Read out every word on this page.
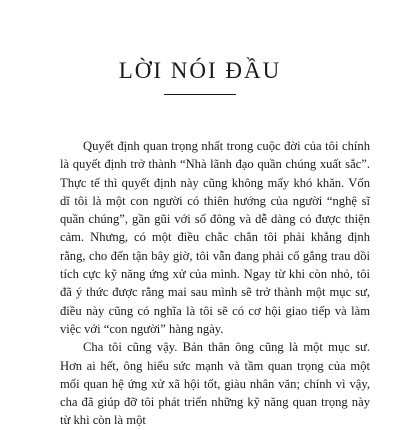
LỜI NÓI ĐẦU

Quyết định quan trọng nhất trong cuộc đời của tôi chính là quyết định trở thành “Nhà lãnh đạo quần chúng xuất sắc”. Thực tế thì quyết định này cũng không mấy khó khăn. Vốn dĩ tôi là một con người có thiên hướng của người “nghệ sĩ quần chúng”, gần gũi với số đông và dễ dàng có được thiện cảm. Nhưng, có một điều chắc chắn tôi phải khẳng định rằng, cho đến tận bây giờ, tôi vẫn đang phải cố gắng trau dồi tích cực kỹ năng ứng xử của mình. Ngay từ khi còn nhỏ, tôi đã ý thức được rằng mai sau mình sẽ trở thành một mục sư, điều này cũng có nghĩa là tôi sẽ có cơ hội giao tiếp và làm việc với “con người” hàng ngày.

Cha tôi cũng vậy. Bản thân ông cũng là một mục sư. Hơn ai hết, ông hiểu sức mạnh và tầm quan trọng của một mối quan hệ ứng xử xã hội tốt, giàu nhân văn; chính vì vậy, cha đã giúp đỡ tôi phát triển những kỹ năng quan trọng này từ khi còn là một
